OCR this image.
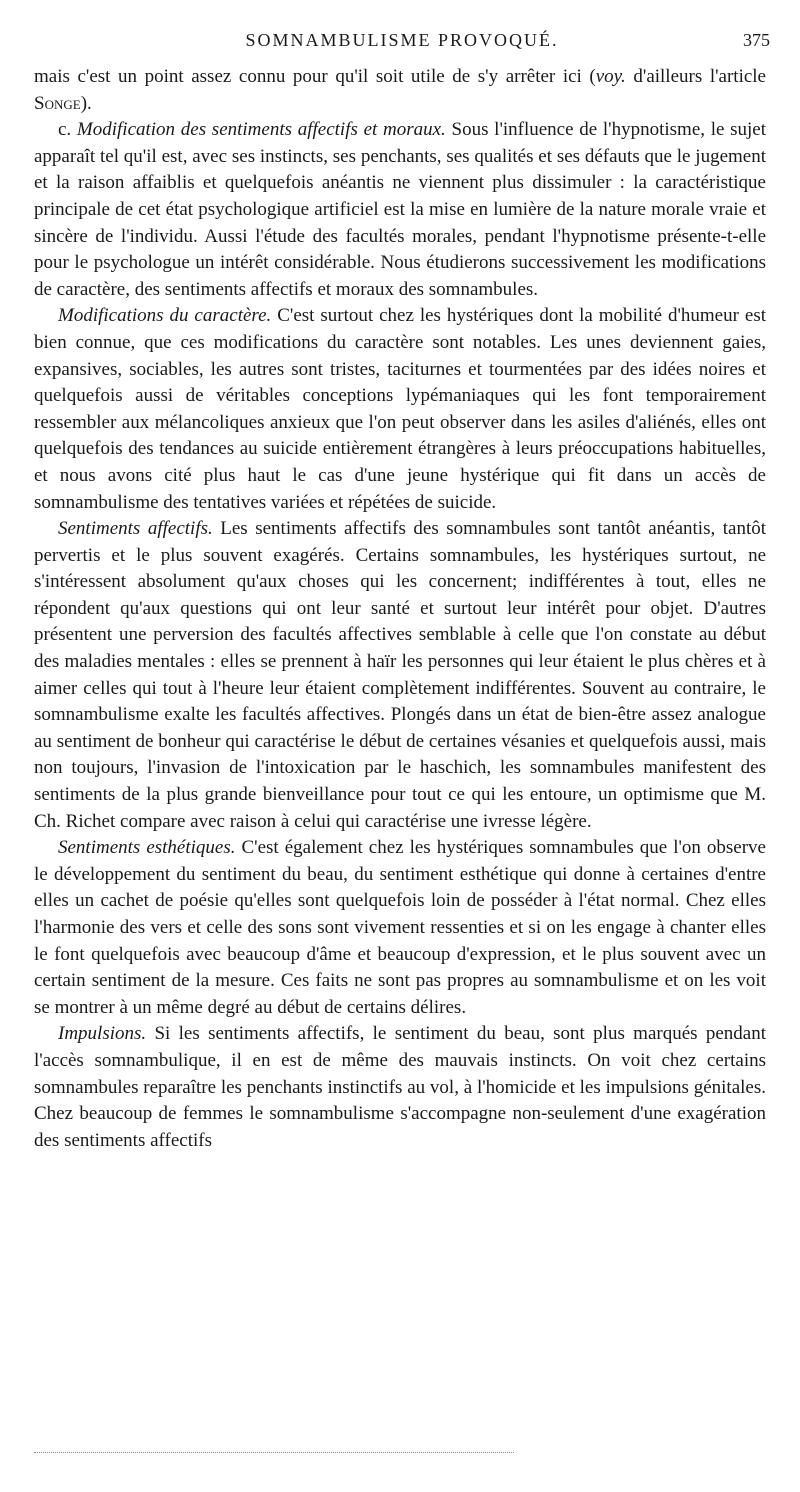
SOMNAMBULISME PROVOQUÉ.	375

mais c'est un point assez connu pour qu'il soit utile de s'y arrêter ici (voy. d'ailleurs l'article Songe).

c. Modification des sentiments affectifs et moraux. Sous l'influence de l'hypnotisme, le sujet apparaît tel qu'il est, avec ses instincts, ses penchants, ses qualités et ses défauts que le jugement et la raison affaiblis et quelquefois anéantis ne viennent plus dissimuler : la caractéristique principale de cet état psychologique artificiel est la mise en lumière de la nature morale vraie et sincère de l'individu. Aussi l'étude des facultés morales, pendant l'hypnotisme présente-t-elle pour le psychologue un intérêt considérable. Nous étudierons successivement les modifications de caractère, des sentiments affectifs et moraux des somnambules.

Modifications du caractère. C'est surtout chez les hystériques dont la mobilité d'humeur est bien connue, que ces modifications du caractère sont notables. Les unes deviennent gaies, expansives, sociables, les autres sont tristes, taciturnes et tourmentées par des idées noires et quelquefois aussi de véritables conceptions lypémaniaques qui les font temporairement ressembler aux mélancoliques anxieux que l'on peut observer dans les asiles d'aliénés, elles ont quelquefois des tendances au suicide entièrement étrangères à leurs préoccupations habituelles, et nous avons cité plus haut le cas d'une jeune hystérique qui fit dans un accès de somnambulisme des tentatives variées et répétées de suicide.

Sentiments affectifs. Les sentiments affectifs des somnambules sont tantôt anéantis, tantôt pervertis et le plus souvent exagérés. Certains somnambules, les hystériques surtout, ne s'intéressent absolument qu'aux choses qui les concernent; indifférentes à tout, elles ne répondent qu'aux questions qui ont leur santé et surtout leur intérêt pour objet. D'autres présentent une perversion des facultés affectives semblable à celle que l'on constate au début des maladies mentales : elles se prennent à haïr les personnes qui leur étaient le plus chères et à aimer celles qui tout à l'heure leur étaient complètement indifférentes. Souvent au contraire, le somnambulisme exalte les facultés affectives. Plongés dans un état de bien-être assez analogue au sentiment de bonheur qui caractérise le début de certaines vésanies et quelquefois aussi, mais non toujours, l'invasion de l'intoxication par le haschich, les somnambules manifestent des sentiments de la plus grande bienveillance pour tout ce qui les entoure, un optimisme que M. Ch. Richet compare avec raison à celui qui caractérise une ivresse légère.

Sentiments esthétiques. C'est également chez les hystériques somnambules que l'on observe le développement du sentiment du beau, du sentiment esthétique qui donne à certaines d'entre elles un cachet de poésie qu'elles sont quelquefois loin de posséder à l'état normal. Chez elles l'harmonie des vers et celle des sons sont vivement ressenties et si on les engage à chanter elles le font quelquefois avec beaucoup d'âme et beaucoup d'expression, et le plus souvent avec un certain sentiment de la mesure. Ces faits ne sont pas propres au somnambulisme et on les voit se montrer à un même degré au début de certains délires.

Impulsions. Si les sentiments affectifs, le sentiment du beau, sont plus marqués pendant l'accès somnambulique, il en est de même des mauvais instincts. On voit chez certains somnambules reparaître les penchants instinctifs au vol, à l'homicide et les impulsions génitales. Chez beaucoup de femmes le somnambulisme s'accompagne non-seulement d'une exagération des sentiments affectifs
